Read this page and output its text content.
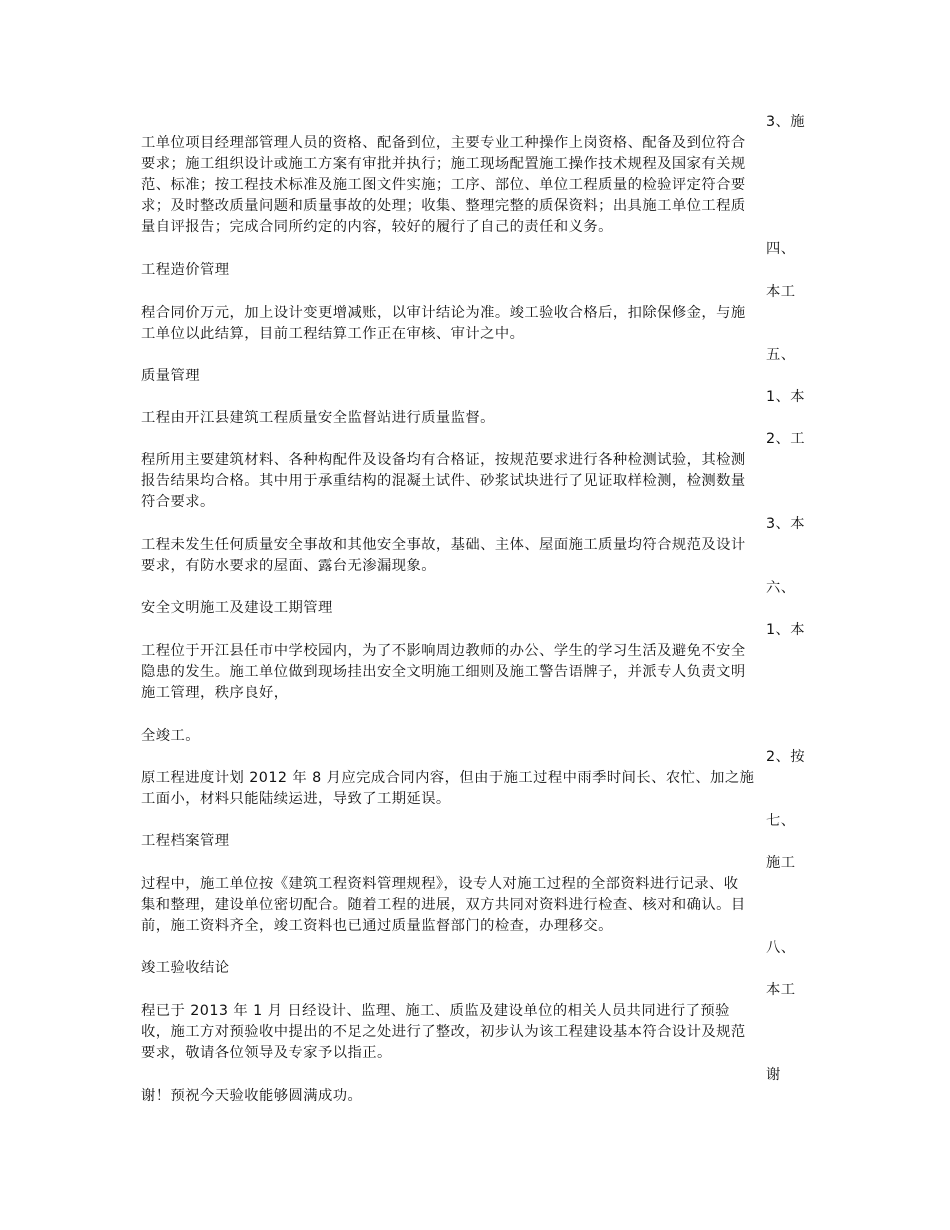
3、施
工单位项目经理部管理人员的资格、配备到位，主要专业工种操作上岗资格、配备及到位符合
要求；施工组织设计或施工方案有审批并执行；施工现场配置施工操作技术规程及国家有关规
范、标准；按工程技术标准及施工图文件实施；工序、部位、单位工程质量的检验评定符合要
求；及时整改质量问题和质量事故的处理；收集、整理完整的质保资料；出具施工单位工程质
量自评报告；完成合同所约定的内容，较好的履行了自己的责任和义务。
四、
工程造价管理
本工
程合同价万元，加上设计变更增减账，以审计结论为准。竣工验收合格后，扣除保修金，与施
工单位以此结算，目前工程结算工作正在审核、审计之中。
五、
质量管理
1、本
工程由开江县建筑工程质量安全监督站进行质量监督。
2、工
程所用主要建筑材料、各种构配件及设备均有合格证，按规范要求进行各种检测试验，其检测
报告结果均合格。其中用于承重结构的混凝土试件、砂浆试块进行了见证取样检测，检测数量
符合要求。
3、本
工程未发生任何质量安全事故和其他安全事故，基础、主体、屋面施工质量均符合规范及设计
要求，有防水要求的屋面、露台无渗漏现象。
六、
安全文明施工及建设工期管理
1、本
工程位于开江县任市中学校园内，为了不影响周边教师的办公、学生的学习生活及避免不安全
隐患的发生。施工单位做到现场挂出安全文明施工细则及施工警告语牌子，并派专人负责文明
施工管理，秩序良好，
全竣工。
2、按
原工程进度计划 2012 年 8 月应完成合同内容，但由于施工过程中雨季时间长、农忙、加之施
工面小，材料只能陆续运进，导致了工期延误。
七、
工程档案管理
施工
过程中，施工单位按《建筑工程资料管理规程》，设专人对施工过程的全部资料进行记录、收
集和整理，建设单位密切配合。随着工程的进展，双方共同对资料进行检查、核对和确认。目
前，施工资料齐全，竣工资料也已通过质量监督部门的检查，办理移交。
八、
竣工验收结论
本工
程已于 2013 年 1 月 日经设计、监理、施工、质监及建设单位的相关人员共同进行了预验
收，施工方对预验收中提出的不足之处进行了整改，初步认为该工程建设基本符合设计及规范
要求，敬请各位领导及专家予以指正。
谢
谢！预祝今天验收能够圆满成功。
